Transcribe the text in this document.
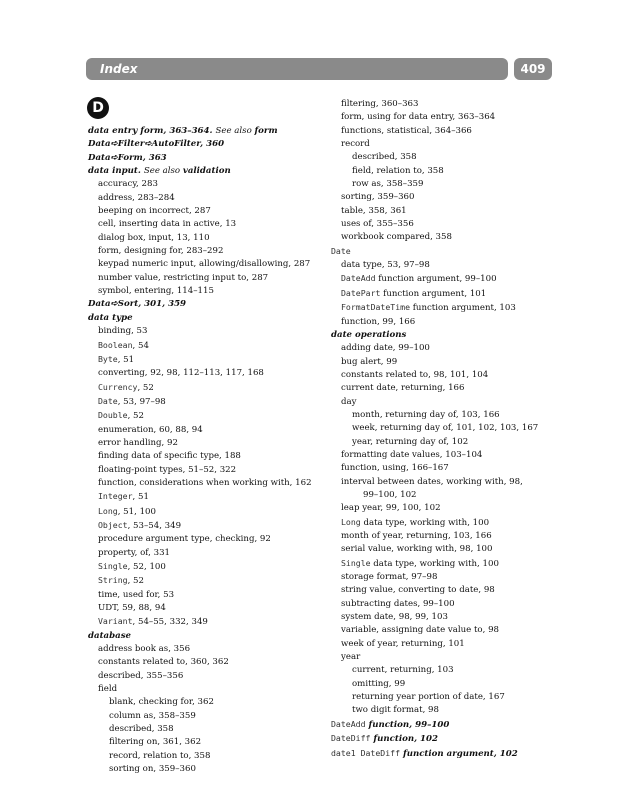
Index	409
D
data entry form, 363–364. See also form
Data➪Filter➪AutoFilter, 360
Data➪Form, 363
data input. See also validation
accuracy, 283
address, 283–284
beeping on incorrect, 287
cell, inserting data in active, 13
dialog box, input, 13, 110
form, designing for, 283–292
keypad numeric input, allowing/disallowing, 287
number value, restricting input to, 287
symbol, entering, 114–115
Data➪Sort, 301, 359
data type
binding, 53
Boolean, 54
Byte, 51
converting, 92, 98, 112–113, 117, 168
Currency, 52
Date, 53, 97–98
Double, 52
enumeration, 60, 88, 94
error handling, 92
finding data of specific type, 188
floating-point types, 51–52, 322
function, considerations when working with, 162
Integer, 51
Long, 51, 100
Object, 53–54, 349
procedure argument type, checking, 92
property, of, 331
Single, 52, 100
String, 52
time, used for, 53
UDT, 59, 88, 94
Variant, 54–55, 332, 349
database
address book as, 356
constants related to, 360, 362
described, 355–356
field
blank, checking for, 362
column as, 358–359
described, 358
filtering on, 361, 362
record, relation to, 358
sorting on, 359–360
filtering, 360–363
form, using for data entry, 363–364
functions, statistical, 364–366
record
described, 358
field, relation to, 358
row as, 358–359
sorting, 359–360
table, 358, 361
uses of, 355–356
workbook compared, 358
Date
data type, 53, 97–98
DateAdd function argument, 99–100
DatePart function argument, 101
FormatDateTime function argument, 103
function, 99, 166
date operations
adding date, 99–100
bug alert, 99
constants related to, 98, 101, 104
current date, returning, 166
day
month, returning day of, 103, 166
week, returning day of, 101, 102, 103, 167
year, returning day of, 102
formatting date values, 103–104
function, using, 166–167
interval between dates, working with, 98,
99–100, 102
leap year, 99, 100, 102
Long data type, working with, 100
month of year, returning, 103, 166
serial value, working with, 98, 100
Single data type, working with, 100
storage format, 97–98
string value, converting to date, 98
subtracting dates, 99–100
system date, 98, 99, 103
variable, assigning date value to, 98
week of year, returning, 101
year
current, returning, 103
omitting, 99
returning year portion of date, 167
two digit format, 98
DateAdd function, 99–100
DateDiff function, 102
date1 DateDiff function argument, 102
